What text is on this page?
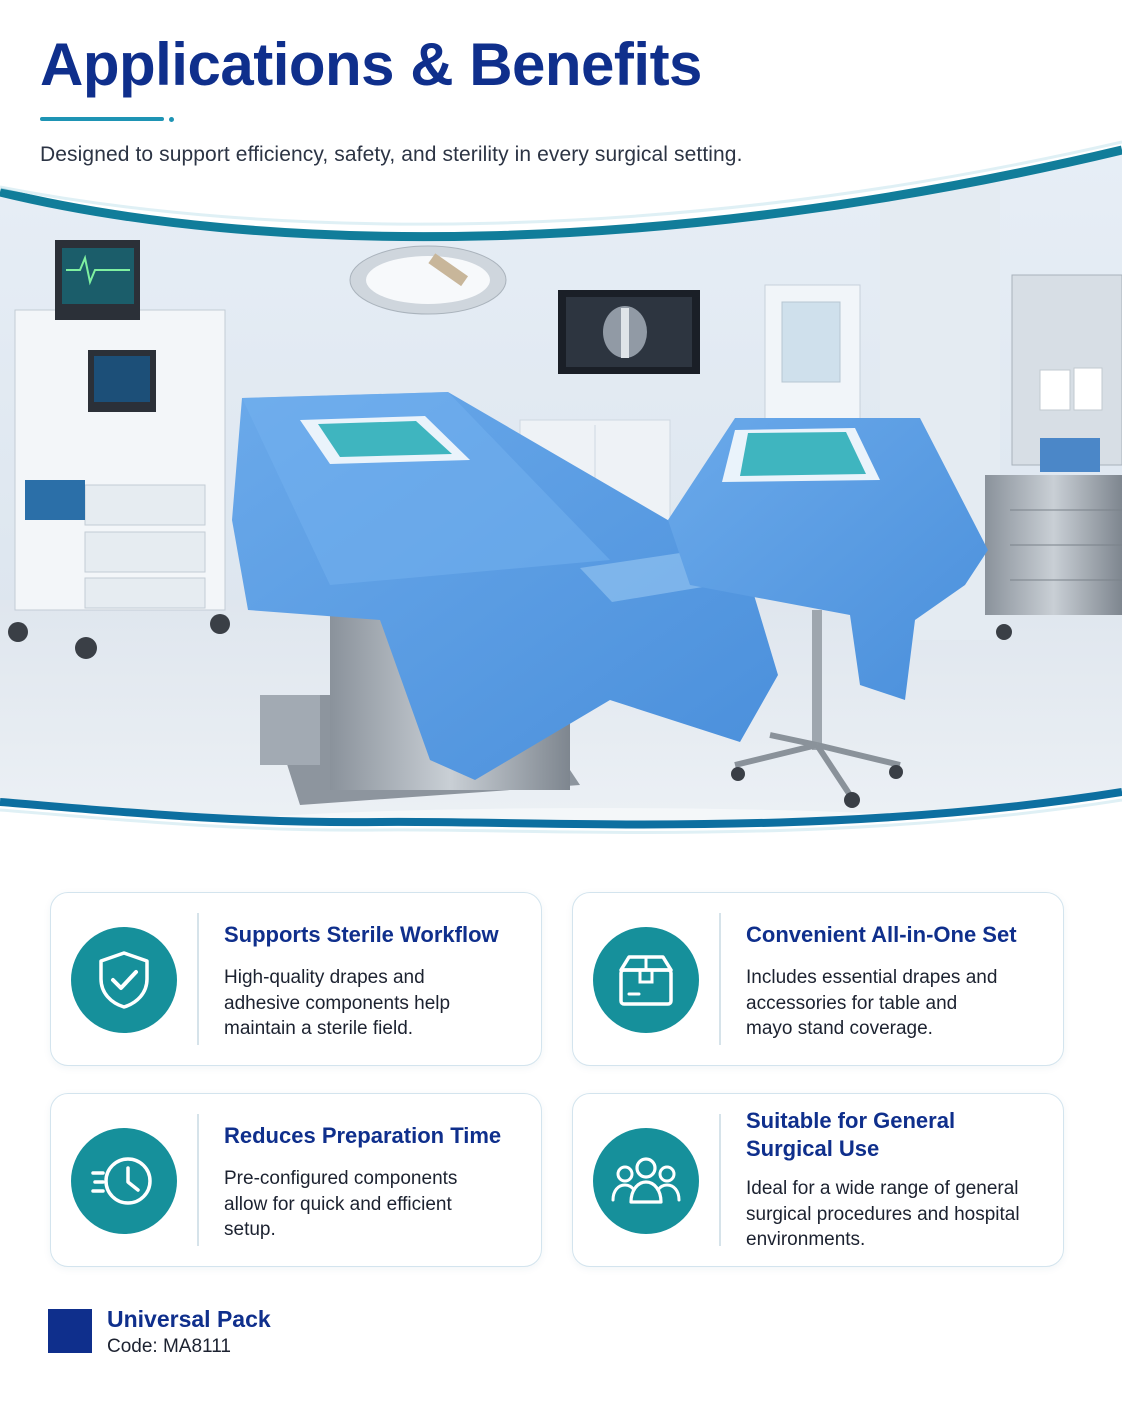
Applications & Benefits
Designed to support efficiency, safety, and sterility in every surgical setting.
Supports Sterile Workflow
High-quality drapes and
adhesive components help
maintain a sterile field.
Convenient All-in-One Set
Includes essential drapes and
accessories for table and
mayo stand coverage.
Reduces Preparation Time
Pre-configured components
allow for quick and efficient
setup.
Suitable for General
Surgical Use
Ideal for a wide range of general
surgical procedures and hospital
environments.
Universal Pack
Code: MA8111
